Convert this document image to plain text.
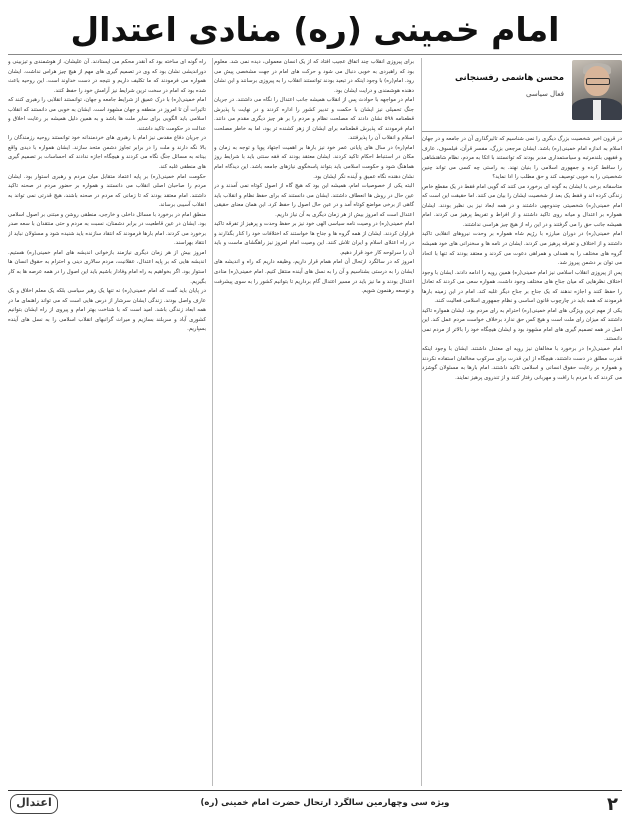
امام خمینی (ره) منادی اعتدال
محسن هاشمی رفسنجانی
فعال سیاسی

در قرون اخیر شخصیت بزرگ دیگری را نمی شناسیم که تاثیرگذاری آن در جامعه و در جهان اسلام به اندازه امام خمینی(ره) باشد. ایشان مرجعی بزرگ، مفسر قرآن، فیلسوف، عارف و فقیهی بلندمرتبه و سیاستمداری مدبر بودند که توانستند با اتکا به مردم، نظام شاهنشاهی را ساقط کرده و جمهوری اسلامی را بنیان نهند. به راستی چه کسی می تواند چنین شخصیتی را به خوبی توصیف کند و حق مطلب را ادا نماید؟

متاسفانه برخی با ایشان به گونه ای برخورد می کنند که گویی امام فقط در یک مقطع خاص زندگی کرده اند و فقط یک بعد از شخصیت ایشان را بیان می کنند. اما حقیقت این است که امام خمینی(ره) شخصیتی چندوجهی داشتند و در همه ابعاد نیز بی نظیر بودند. ایشان همواره بر اعتدال و میانه روی تاکید داشتند و از افراط و تفریط پرهیز می کردند. امام همیشه جانب حق را می گرفتند و در این راه از هیچ چیز هراسی نداشتند.

امام خمینی(ره) در دوران مبارزه با رژیم شاه همواره بر وحدت نیروهای انقلابی تاکید داشتند و از اختلاف و تفرقه پرهیز می کردند. ایشان در نامه ها و سخنرانی های خود همیشه گروه های مختلف را به همدلی و همراهی دعوت می کردند و معتقد بودند که تنها با اتحاد می توان بر دشمن پیروز شد.

پس از پیروزی انقلاب اسلامی نیز امام خمینی(ره) همین رویه را ادامه دادند. ایشان با وجود اختلاف نظرهایی که میان جناح های مختلف وجود داشت، همواره سعی می کردند که تعادل را حفظ کنند و اجازه ندهند که یک جناح بر جناح دیگر غلبه کند. امام در این زمینه بارها فرمودند که همه باید در چارچوب قانون اساسی و نظام جمهوری اسلامی فعالیت کنند.

یکی از مهم ترین ویژگی های امام خمینی(ره) احترام به رای مردم بود. ایشان همواره تاکید داشتند که میزان رای ملت است و هیچ کس حق ندارد برخلاف خواست مردم عمل کند. این اصل در همه تصمیم گیری های امام مشهود بود و ایشان هیچگاه خود را بالاتر از مردم نمی دانستند.

امام خمینی(ره) در برخورد با مخالفان نیز رویه ای معتدل داشتند. ایشان با وجود اینکه قدرت مطلق در دست داشتند، هیچگاه از این قدرت برای سرکوب مخالفان استفاده نکردند و همواره بر رعایت حقوق انسانی و اسلامی تاکید داشتند. امام بارها به مسئولان گوشزد می کردند که با مردم با رافت و مهربانی رفتار کنند و از تندروی پرهیز نمایند.

برای پیروزی انقلاب چند اتفاق عجیب افتاد که از یک انسان معمولی، دیده نمی شد. معلوم بود که راهبردی به خوبی دنبال می شود و حرکت های امام در جهت مشخصی پیش می رود. امام(ره) با وجود اینکه در تبعید بودند توانستند انقلاب را به پیروزی برسانند و این نشان دهنده هوشمندی و درایت ایشان بود.

امام در مواجهه با حوادث پس از انقلاب همیشه جانب اعتدال را نگاه می داشتند. در جریان جنگ تحمیلی نیز ایشان با حکمت و تدبیر کشور را اداره کردند و در نهایت با پذیرش قطعنامه ۵۹۸ نشان دادند که مصلحت نظام و مردم را بر هر چیز دیگری مقدم می دانند. امام فرمودند که پذیرش قطعنامه برای ایشان از زهر کشنده تر بود، اما به خاطر مصلحت اسلام و انقلاب آن را پذیرفتند.

امام(ره) در سال های پایانی عمر خود نیز بارها بر اهمیت اجتهاد پویا و توجه به زمان و مکان در استنباط احکام تاکید کردند. ایشان معتقد بودند که فقه سنتی باید با شرایط روز هماهنگ شود و حکومت اسلامی باید بتواند پاسخگوی نیازهای جامعه باشد. این دیدگاه امام نشان دهنده نگاه عمیق و آینده نگر ایشان بود.

البته یکی از خصوصیات امام، همیشه این بود که هیچ گاه از اصول کوتاه نمی آمدند و در عین حال در روش ها انعطاف داشتند. ایشان می دانستند که برای حفظ نظام و انقلاب باید گاهی از برخی مواضع کوتاه آمد و در عین حال اصول را حفظ کرد. این همان معنای حقیقی اعتدال است که امروز بیش از هر زمان دیگری به آن نیاز داریم.

امام خمینی(ره) در وصیت نامه سیاسی الهی خود نیز بر حفظ وحدت و پرهیز از تفرقه تاکید فراوان کردند. ایشان از همه گروه ها و جناح ها خواستند که اختلافات خود را کنار بگذارند و در راه اعتلای اسلام و ایران تلاش کنند. این وصیت امام امروز نیز راهگشای ماست و باید آن را سرلوحه کار خود قرار دهیم.

امروز که در سالگرد ارتحال آن امام همام قرار داریم، وظیفه داریم که راه و اندیشه های ایشان را به درستی بشناسیم و آن را به نسل های آینده منتقل کنیم. امام خمینی(ره) منادی اعتدال بودند و ما نیز باید در مسیر اعتدال گام برداریم تا بتوانیم کشور را به سوی پیشرفت و توسعه رهنمون شویم.

راه گونه ای ساخته بود که آنقدر محکم می ایستادند. آن علیشان، از هوشمندی و تیزبینی و دوراندیشی نشان بود که وی در تصمیم گیری های مهم از هیچ چیز هراس نداشت. ایشان همواره می فرمودند که ما تکلیف داریم و نتیجه در دست خداوند است. این روحیه باعث شده بود که امام در سخت ترین شرایط نیز آرامش خود را حفظ کنند.

امام خمینی(ره) با درک عمیق از شرایط جامعه و جهان، توانستند انقلابی را رهبری کنند که تاثیرات آن تا امروز در منطقه و جهان مشهود است. ایشان به خوبی می دانستند که انقلاب اسلامی باید الگویی برای سایر ملت ها باشد و به همین دلیل همیشه بر رعایت اخلاق و عدالت در حکومت تاکید داشتند.

در جریان دفاع مقدس نیز امام با رهبری های خردمندانه خود توانستند روحیه رزمندگان را بالا نگه دارند و ملت را در برابر تجاوز دشمن متحد سازند. ایشان همواره با دیدی واقع بینانه به مسائل جنگ نگاه می کردند و هیچگاه اجازه ندادند که احساسات بر تصمیم گیری های منطقی غلبه کند.

حکومت امام خمینی(ره) بر پایه اعتماد متقابل میان مردم و رهبری استوار بود. ایشان مردم را صاحبان اصلی انقلاب می دانستند و همواره بر حضور مردم در صحنه تاکید داشتند. امام معتقد بودند که تا زمانی که مردم در صحنه باشند، هیچ قدرتی نمی تواند به انقلاب آسیبی برساند.

منطق امام در برخورد با مسائل داخلی و خارجی، منطقی روشن و مبتنی بر اصول اسلامی بود. ایشان در عین قاطعیت در برابر دشمنان، نسبت به مردم و حتی منتقدان با سعه صدر برخورد می کردند. امام بارها فرمودند که انتقاد سازنده باید شنیده شود و مسئولان نباید از انتقاد بهراسند.

امروز بیش از هر زمان دیگری نیازمند بازخوانی اندیشه های امام خمینی(ره) هستیم. اندیشه هایی که بر پایه اعتدال، عقلانیت، مردم سالاری دینی و احترام به حقوق انسان ها استوار بود. اگر بخواهیم به راه امام وفادار باشیم باید این اصول را در همه عرصه ها به کار بگیریم.

در پایان باید گفت که امام خمینی(ره) نه تنها یک رهبر سیاسی بلکه یک معلم اخلاق و یک عارف واصل بودند. زندگی ایشان سرشار از درس هایی است که می تواند راهنمای ما در همه ابعاد زندگی باشد. امید است که با شناخت بهتر امام و پیروی از راه ایشان بتوانیم کشوری آباد و سربلند بسازیم و میراث گرانبهای انقلاب اسلامی را به نسل های آینده بسپاریم.

۲
ویژه سی وچهارمین سالگرد ارتحال حضرت امام خمینی (ره)
اعتدال
